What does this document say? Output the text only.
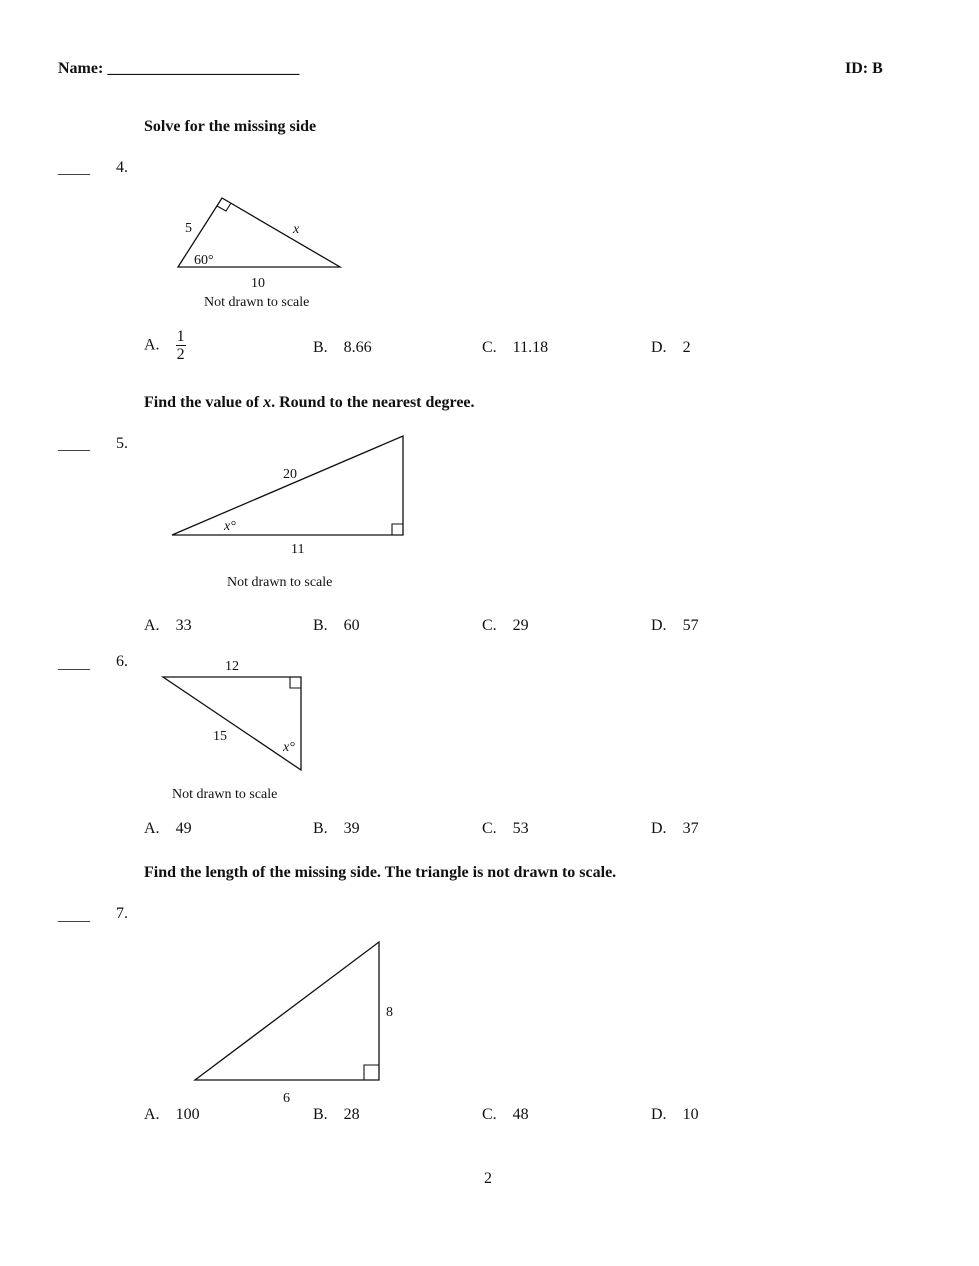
Name: ________________________	ID: B
Solve for the missing side
____ 4.
5	x
60°
10
Not drawn to scale
A. $\frac{1}{2}$	B. 8.66	C. 11.18	D. 2
Find the value of x. Round to the nearest degree.
____ 5.
20
x°
11
Not drawn to scale
A. 33	B. 60	C. 29	D. 57
____ 6.	12
15
x°
Not drawn to scale
A. 49	B. 39	C. 53	D. 37
Find the length of the missing side. The triangle is not drawn to scale.
____ 7.
8
6
A. 100	B. 28	C. 48	D. 10
2
